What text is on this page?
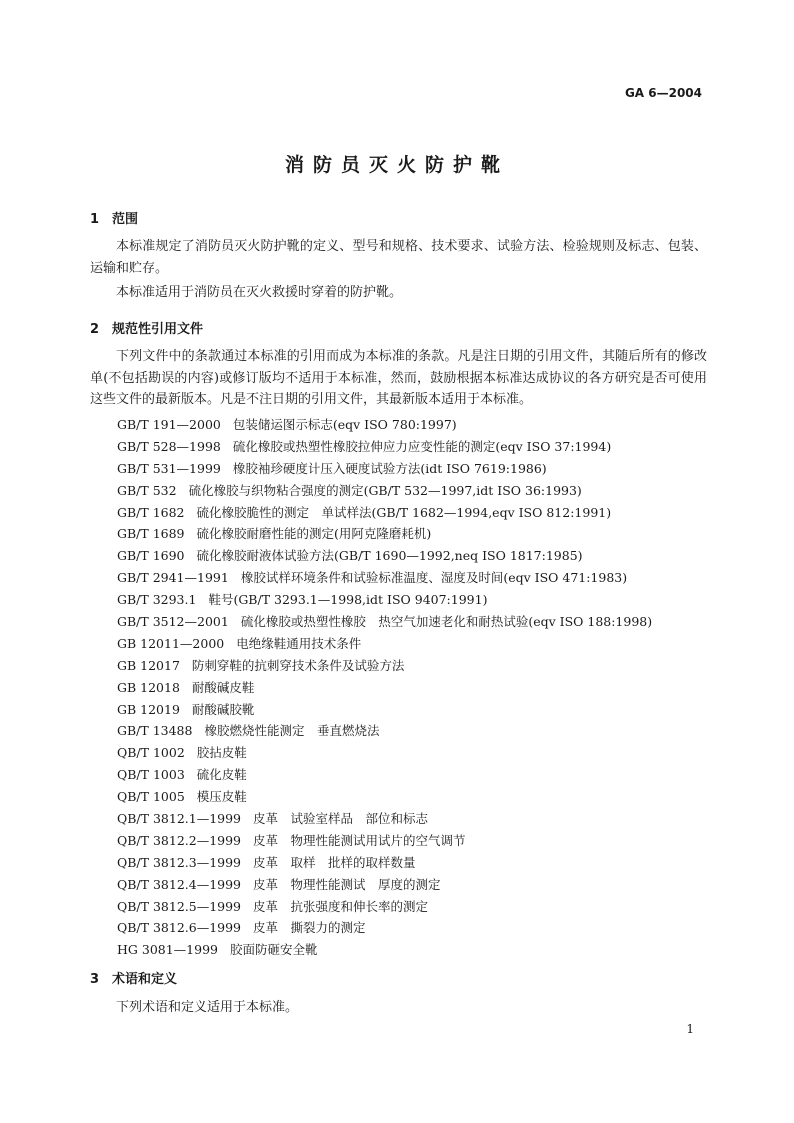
GA 6—2004
消防员灭火防护靴
1 范围

本标准规定了消防员灭火防护靴的定义、型号和规格、技术要求、试验方法、检验规则及标志、包装、运输和贮存。

本标准适用于消防员在灭火救援时穿着的防护靴。

2 规范性引用文件

下列文件中的条款通过本标准的引用而成为本标准的条款。凡是注日期的引用文件，其随后所有的修改单(不包括勘误的内容)或修订版均不适用于本标准，然而，鼓励根据本标准达成协议的各方研究是否可使用这些文件的最新版本。凡是不注日期的引用文件，其最新版本适用于本标准。

GB/T 191—2000 包装储运图示标志(eqv ISO 780:1997)
GB/T 528—1998 硫化橡胶或热塑性橡胶拉伸应力应变性能的测定(eqv ISO 37:1994)
GB/T 531—1999 橡胶袖珍硬度计压入硬度试验方法(idt ISO 7619:1986)
GB/T 532 硫化橡胶与织物粘合强度的测定(GB/T 532—1997,idt ISO 36:1993)
GB/T 1682 硫化橡胶脆性的测定　单试样法(GB/T 1682—1994,eqv ISO 812:1991)
GB/T 1689 硫化橡胶耐磨性能的测定(用阿克隆磨耗机)
GB/T 1690 硫化橡胶耐液体试验方法(GB/T 1690—1992,neq ISO 1817:1985)
GB/T 2941—1991 橡胶试样环境条件和试验标准温度、湿度及时间(eqv ISO 471:1983)
GB/T 3293.1 鞋号(GB/T 3293.1—1998,idt ISO 9407:1991)
GB/T 3512—2001 硫化橡胶或热塑性橡胶　热空气加速老化和耐热试验(eqv ISO 188:1998)
GB 12011—2000 电绝缘鞋通用技术条件
GB 12017 防刺穿鞋的抗刺穿技术条件及试验方法
GB 12018 耐酸碱皮鞋
GB 12019 耐酸碱胶靴
GB/T 13488 橡胶燃烧性能测定　垂直燃烧法
QB/T 1002 胶拈皮鞋
QB/T 1003 硫化皮鞋
QB/T 1005 模压皮鞋
QB/T 3812.1—1999 皮革　试验室样品　部位和标志
QB/T 3812.2—1999 皮革　物理性能测试用试片的空气调节
QB/T 3812.3—1999 皮革　取样　批样的取样数量
QB/T 3812.4—1999 皮革　物理性能测试　厚度的测定
QB/T 3812.5—1999 皮革　抗张强度和伸长率的测定
QB/T 3812.6—1999 皮革　撕裂力的测定
HG 3081—1999 胶面防砸安全靴
3 术语和定义

下列术语和定义适用于本标准。

1
